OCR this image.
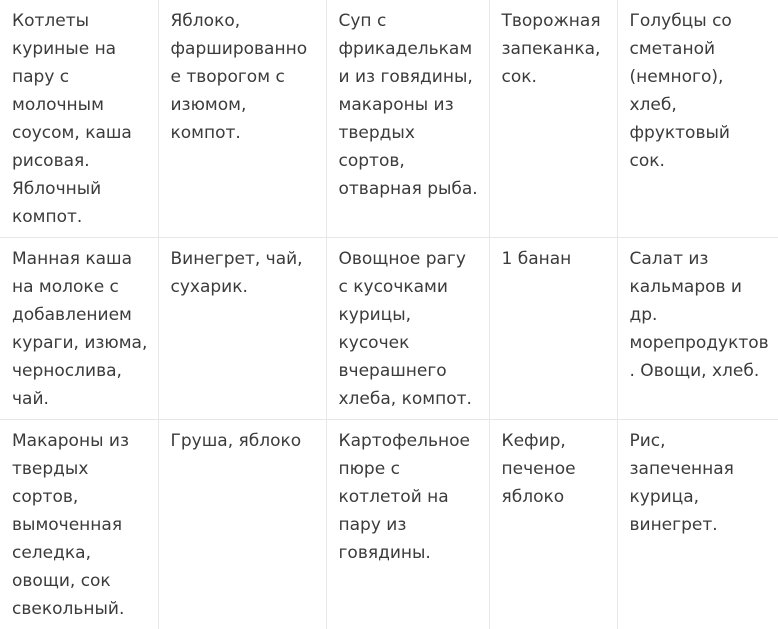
Котлеты куриные на пару с молочным соусом, каша рисовая. Яблочный компот.	Яблоко, фаршированное творогом с изюмом, компот.	Суп с фрикадельками из говядины, макароны из твердых сортов, отварная рыба.	Творожная запеканка, сок.	Голубцы со сметаной (немного), хлеб, фруктовый сок.
Манная каша на молоке с добавлением кураги, изюма, чернослива, чай.	Винегрет, чай, сухарик.	Овощное рагу с кусочками курицы, кусочек вчерашнего хлеба, компот.	1 банан	Салат из кальмаров и др. морепродуктов. Овощи, хлеб.
Макароны из твердых сортов, вымоченная селедка, овощи, сок свекольный.	Груша, яблоко	Картофельное пюре с котлетой на пару из говядины.	Кефир, печеное яблоко	Рис, запеченная курица, винегрет.
